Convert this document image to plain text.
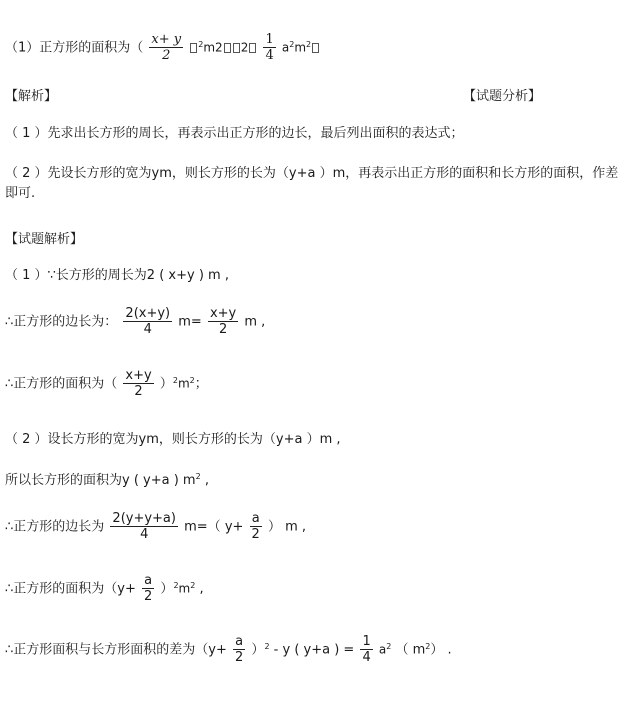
（1）正方形的面积为（ $\frac{x+ y}{2} ^2m2$ $2 \frac{1}{4} a^2m^2$
【解析】	【试题分析】
（ 1 ）先求出长方形的周长，再表示出正方形的边长，最后列出面积的表达式；
（ 2 ）先设长方形的宽为ym，则长方形的长为（y+a ）m，再表示出正方形的面积和长方形的面积，作差即可.
【试题解析】
（ 1 ）∵长方形的周长为2 ( x+y ) m ,
∴正方形的边长为： $\frac{2(x+y)}{4} m= \frac{x+y}{2}$ m ,
∴正方形的面积为（ $\frac{x+y}{2} )^2m^2$；
（ 2 ）设长方形的宽为ym，则长方形的长为（y+a ）m ,
所以长方形的面积为y ( y+a ) $m^2$ ,
∴正方形的边长为 $\frac{2(y+y+a)}{4} m=$（ $y+ \frac{a}{2}$ ） m ,
∴正方形的面积为$(y+ \frac{a}{2} )^2m^2$ ,
∴正方形面积与长方形面积的差为$(y+ \frac{a}{2} )^2 - y$ ( y+a ) = $\frac{1}{4} a^2$ （ $m^2$） .
